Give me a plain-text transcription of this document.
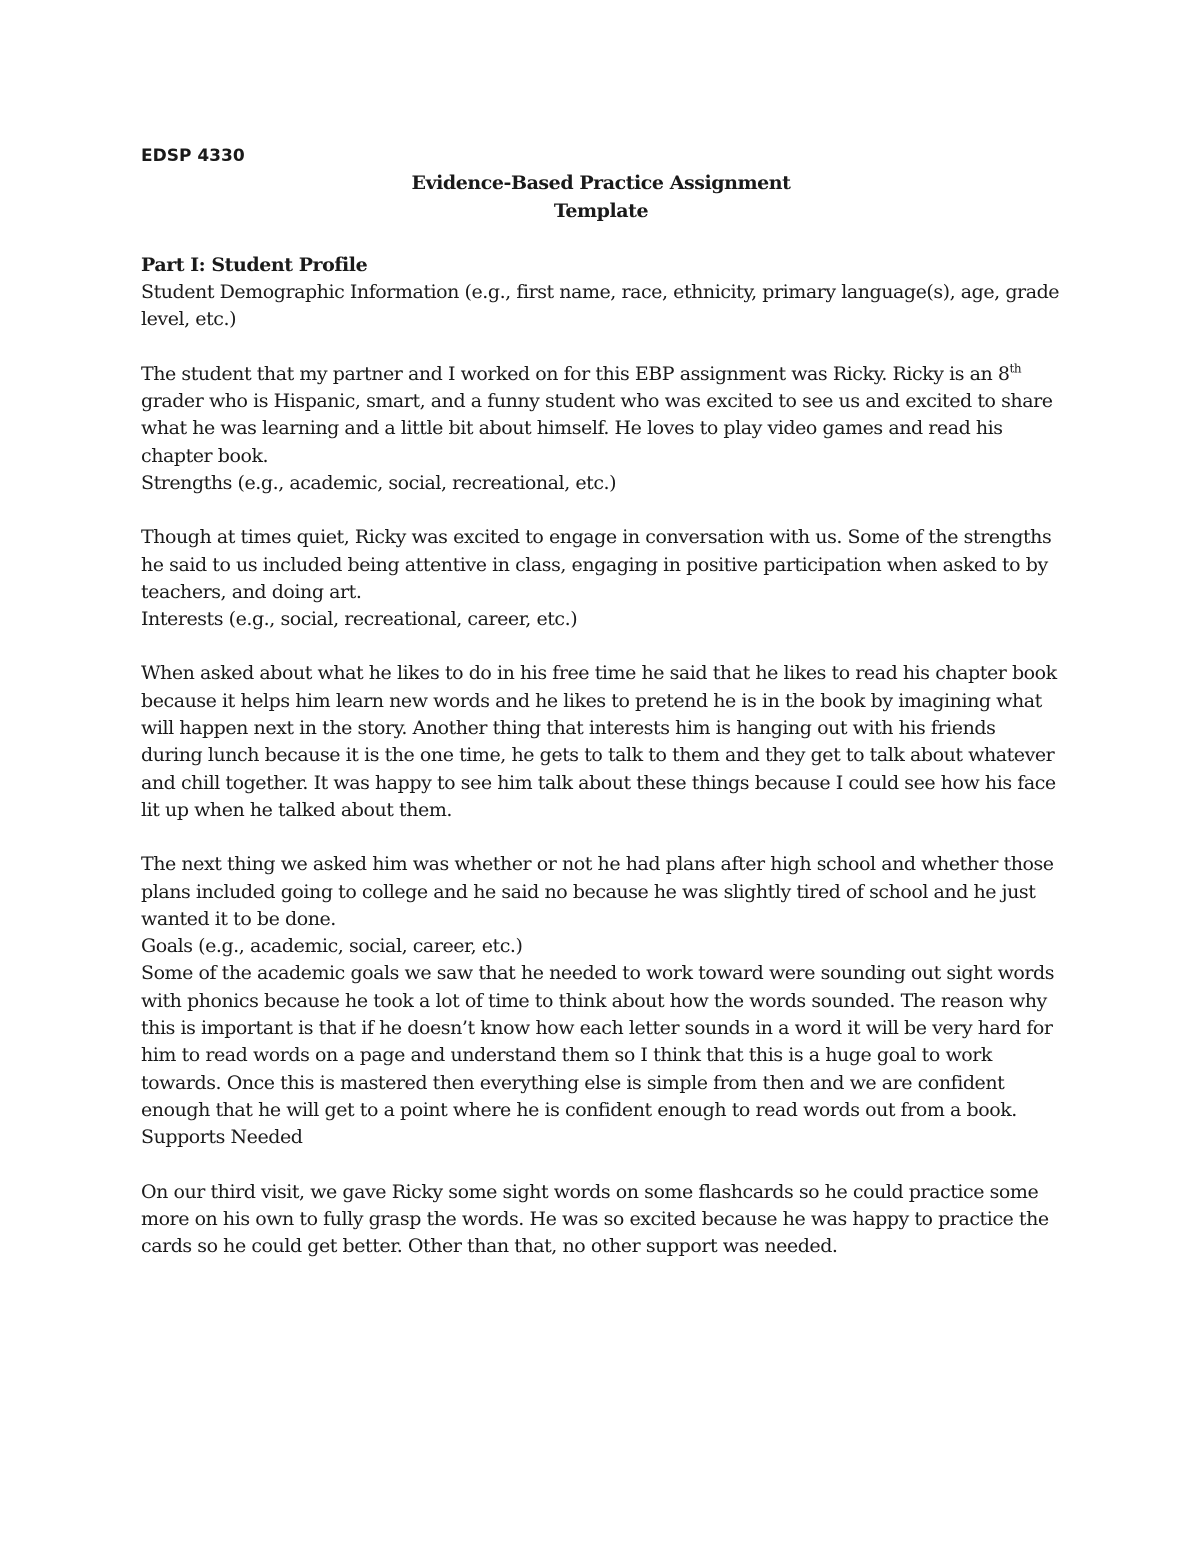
EDSP 4330
Evidence-Based Practice Assignment
Template
Part I: Student Profile

Student Demographic Information (e.g., first name, race, ethnicity, primary language(s), age, grade level, etc.)

The student that my partner and I worked on for this EBP assignment was Ricky. Ricky is an 8th grader who is Hispanic, smart, and a funny student who was excited to see us and excited to share what he was learning and a little bit about himself. He loves to play video games and read his chapter book.

Strengths (e.g., academic, social, recreational, etc.)

Though at times quiet, Ricky was excited to engage in conversation with us. Some of the strengths he said to us included being attentive in class, engaging in positive participation when asked to by teachers, and doing art.

Interests (e.g., social, recreational, career, etc.)

When asked about what he likes to do in his free time he said that he likes to read his chapter book because it helps him learn new words and he likes to pretend he is in the book by imagining what will happen next in the story. Another thing that interests him is hanging out with his friends during lunch because it is the one time, he gets to talk to them and they get to talk about whatever and chill together. It was happy to see him talk about these things because I could see how his face lit up when he talked about them.

The next thing we asked him was whether or not he had plans after high school and whether those plans included going to college and he said no because he was slightly tired of school and he just wanted it to be done.

Goals (e.g., academic, social, career, etc.)

Some of the academic goals we saw that he needed to work toward were sounding out sight words with phonics because he took a lot of time to think about how the words sounded. The reason why this is important is that if he doesn’t know how each letter sounds in a word it will be very hard for him to read words on a page and understand them so I think that this is a huge goal to work towards. Once this is mastered then everything else is simple from then and we are confident enough that he will get to a point where he is confident enough to read words out from a book.

Supports Needed

On our third visit, we gave Ricky some sight words on some flashcards so he could practice some more on his own to fully grasp the words. He was so excited because he was happy to practice the cards so he could get better. Other than that, no other support was needed.
